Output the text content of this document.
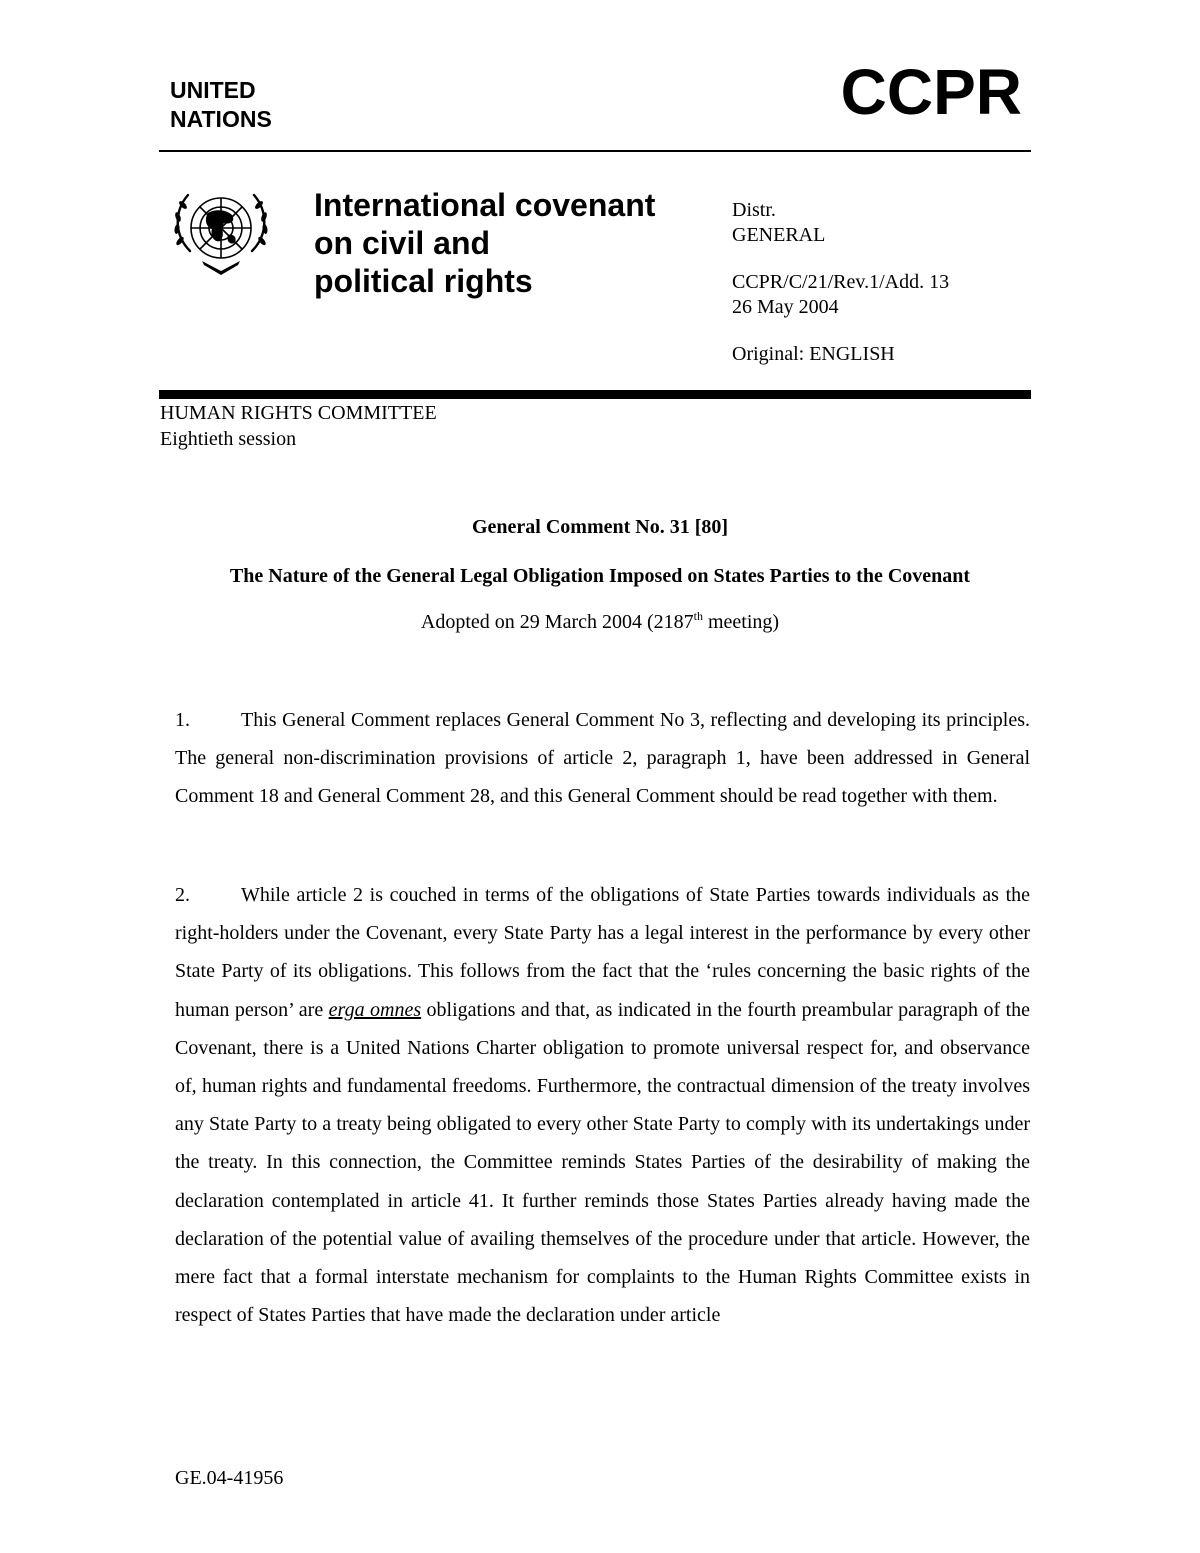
UNITED
NATIONS	CCPR
International covenant
on civil and
political rights
Distr.
GENERAL
CCPR/C/21/Rev.1/Add. 13
26 May 2004
Original: ENGLISH
HUMAN RIGHTS COMMITTEE
Eightieth session
General Comment No. 31 [80]
The Nature of the General Legal Obligation Imposed on States Parties to the Covenant
Adopted on 29 March 2004 (2187th meeting)

1.	This General Comment replaces General Comment No 3, reflecting and developing its principles. The general non-discrimination provisions of article 2, paragraph 1, have been addressed in General Comment 18 and General Comment 28, and this General Comment should be read together with them.

2.	While article 2 is couched in terms of the obligations of State Parties towards individuals as the right-holders under the Covenant, every State Party has a legal interest in the performance by every other State Party of its obligations. This follows from the fact that the ‘rules concerning the basic rights of the human person’ are erga omnes obligations and that, as indicated in the fourth preambular paragraph of the Covenant, there is a United Nations Charter obligation to promote universal respect for, and observance of, human rights and fundamental freedoms. Furthermore, the contractual dimension of the treaty involves any State Party to a treaty being obligated to every other State Party to comply with its undertakings under the treaty. In this connection, the Committee reminds States Parties of the desirability of making the declaration contemplated in article 41. It further reminds those States Parties already having made the declaration of the potential value of availing themselves of the procedure under that article. However, the mere fact that a formal interstate mechanism for complaints to the Human Rights Committee exists in respect of States Parties that have made the declaration under article

GE.04-41956
